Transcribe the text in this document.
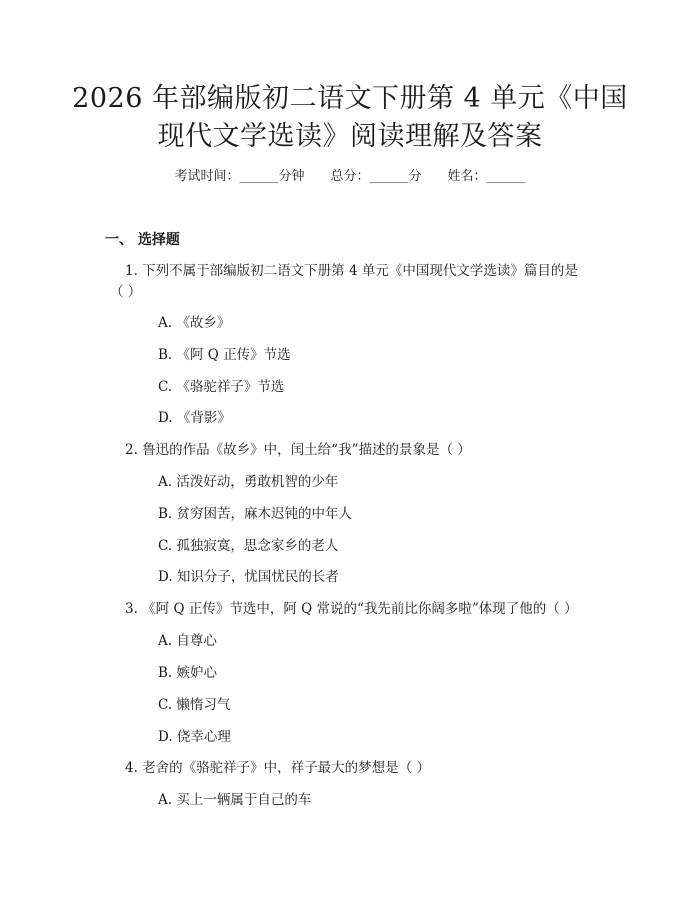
2026 年部编版初二语文下册第 4 单元《中国
现代文学选读》阅读理解及答案
考试时间：______分钟 总分：______分 姓名：______
一、 选择题
1. 下列不属于部编版初二语文下册第 4 单元《中国现代文学选读》篇目的是
（ ）
A. 《故乡》
B. 《阿 Q 正传》节选
C. 《骆驼祥子》节选
D. 《背影》
2. 鲁迅的作品《故乡》中，闰土给“我”描述的景象是（ ）
A. 活泼好动，勇敢机智的少年
B. 贫穷困苦，麻木迟钝的中年人
C. 孤独寂寞，思念家乡的老人
D. 知识分子，忧国忧民的长者
3. 《阿 Q 正传》节选中，阿 Q 常说的“我先前比你阔多啦”体现了他的（ ）
A. 自尊心
B. 嫉妒心
C. 懒惰习气
D. 侥幸心理
4. 老舍的《骆驼祥子》中，祥子最大的梦想是（ ）
A. 买上一辆属于自己的车
